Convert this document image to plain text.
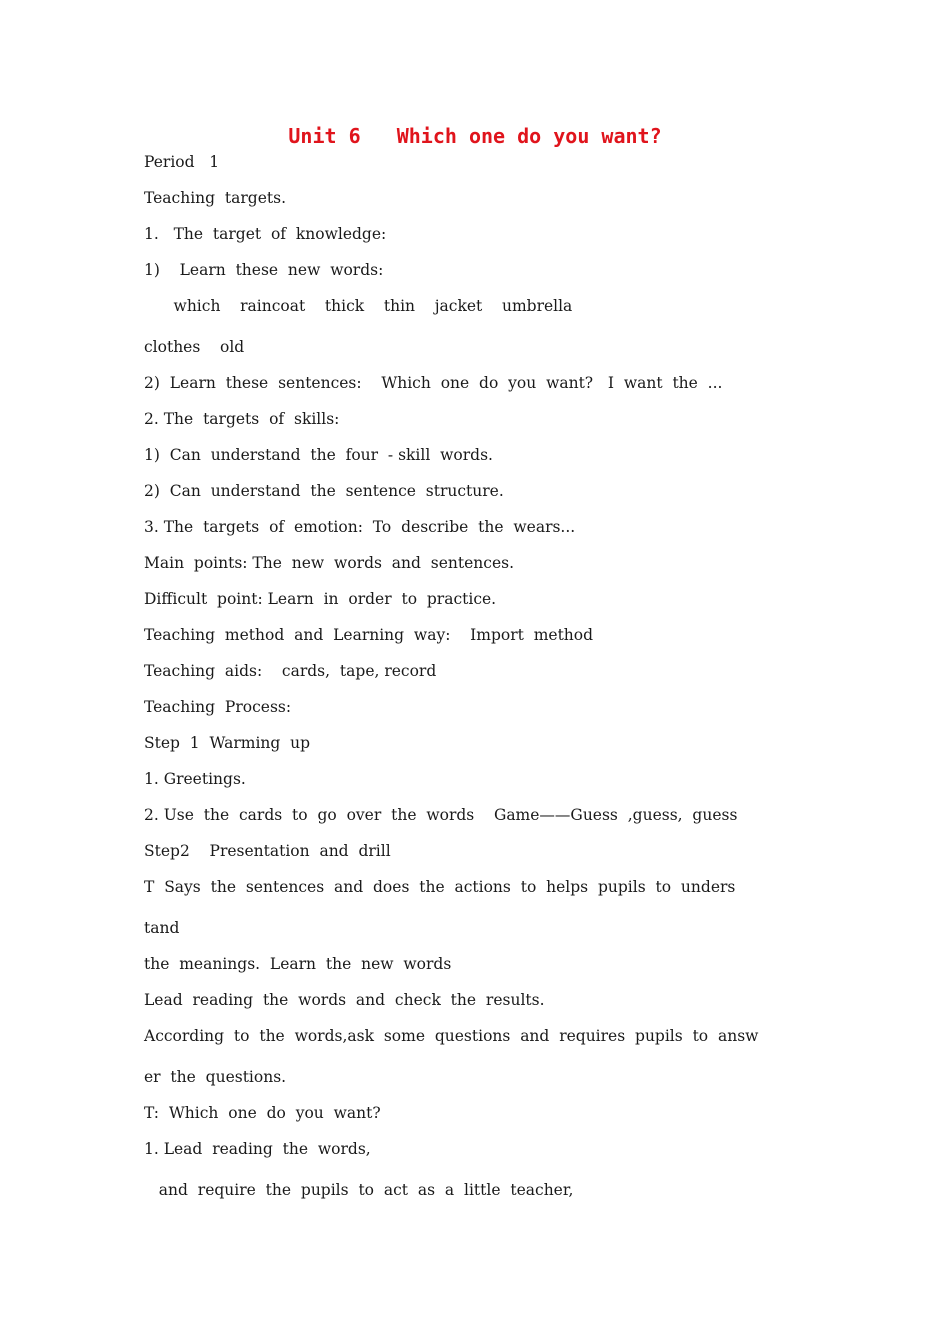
Unit 6   Which one do you want?

Period   1

Teaching  targets.

1.   The  target  of  knowledge:

1)    Learn  these  new  words:

which    raincoat    thick    thin    jacket    umbrella

clothes    old

2)  Learn  these  sentences:    Which  one  do  you  want?   I  want  the  ...

2. The  targets  of  skills:

1)  Can  understand  the  four  - skill  words.

2)  Can  understand  the  sentence  structure.

3. The  targets  of  emotion:  To  describe  the  wears...

Main  points: The  new  words  and  sentences.

Difficult  point: Learn  in  order  to  practice.

Teaching  method  and  Learning  way:    Import  method

Teaching  aids:    cards,  tape, record

Teaching  Process:

Step  1  Warming  up

1. Greetings.

2. Use  the  cards  to  go  over  the  words    Game——Guess  ,guess,  guess

Step2    Presentation  and  drill

T  Says  the  sentences  and  does  the  actions  to  helps  pupils  to  unders

tand

the  meanings.  Learn  the  new  words

Lead  reading  the  words  and  check  the  results.

According  to  the  words,ask  some  questions  and  requires  pupils  to  answ

er  the  questions.

T:  Which  one  do  you  want?

1. Lead  reading  the  words,

and  require  the  pupils  to  act  as  a  little  teacher,
